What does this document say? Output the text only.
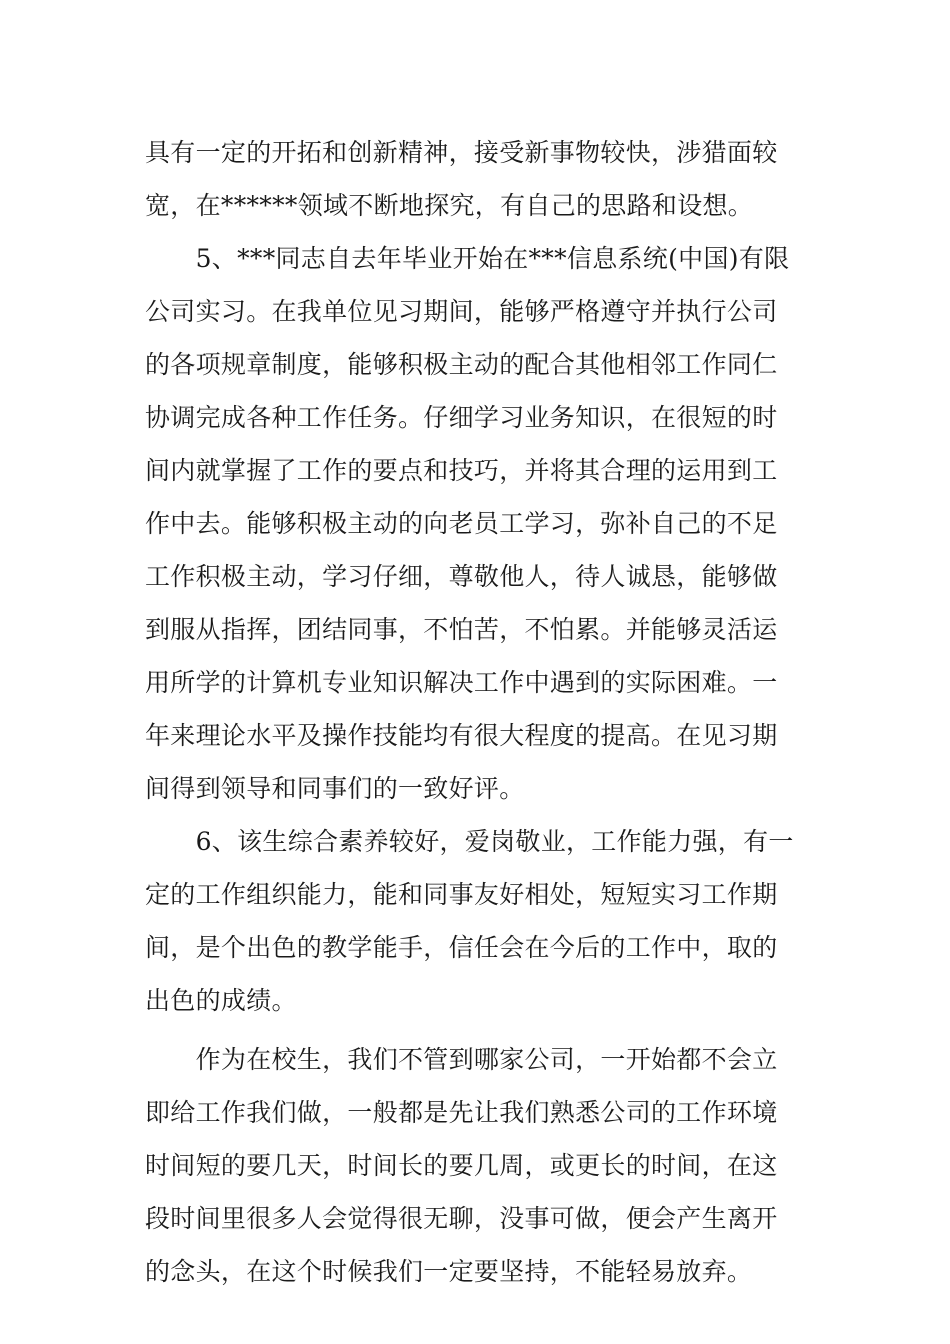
具有一定的开拓和创新精神，接受新事物较快，涉猎面较
宽，在******领域不断地探究，有自己的思路和设想。
　　5、***同志自去年毕业开始在***信息系统(中国)有限
公司实习。在我单位见习期间，能够严格遵守并执行公司
的各项规章制度，能够积极主动的配合其他相邻工作同仁
协调完成各种工作任务。仔细学习业务知识，在很短的时
间内就掌握了工作的要点和技巧，并将其合理的运用到工
作中去。能够积极主动的向老员工学习，弥补自己的不足
工作积极主动，学习仔细，尊敬他人，待人诚恳，能够做
到服从指挥，团结同事，不怕苦，不怕累。并能够灵活运
用所学的计算机专业知识解决工作中遇到的实际困难。一
年来理论水平及操作技能均有很大程度的提高。在见习期
间得到领导和同事们的一致好评。
　　6、该生综合素养较好，爱岗敬业，工作能力强，有一
定的工作组织能力，能和同事友好相处，短短实习工作期
间，是个出色的教学能手，信任会在今后的工作中，取的
出色的成绩。
　　作为在校生，我们不管到哪家公司，一开始都不会立
即给工作我们做，一般都是先让我们熟悉公司的工作环境
时间短的要几天，时间长的要几周，或更长的时间，在这
段时间里很多人会觉得很无聊，没事可做，便会产生离开
的念头，在这个时候我们一定要坚持，不能轻易放弃。
